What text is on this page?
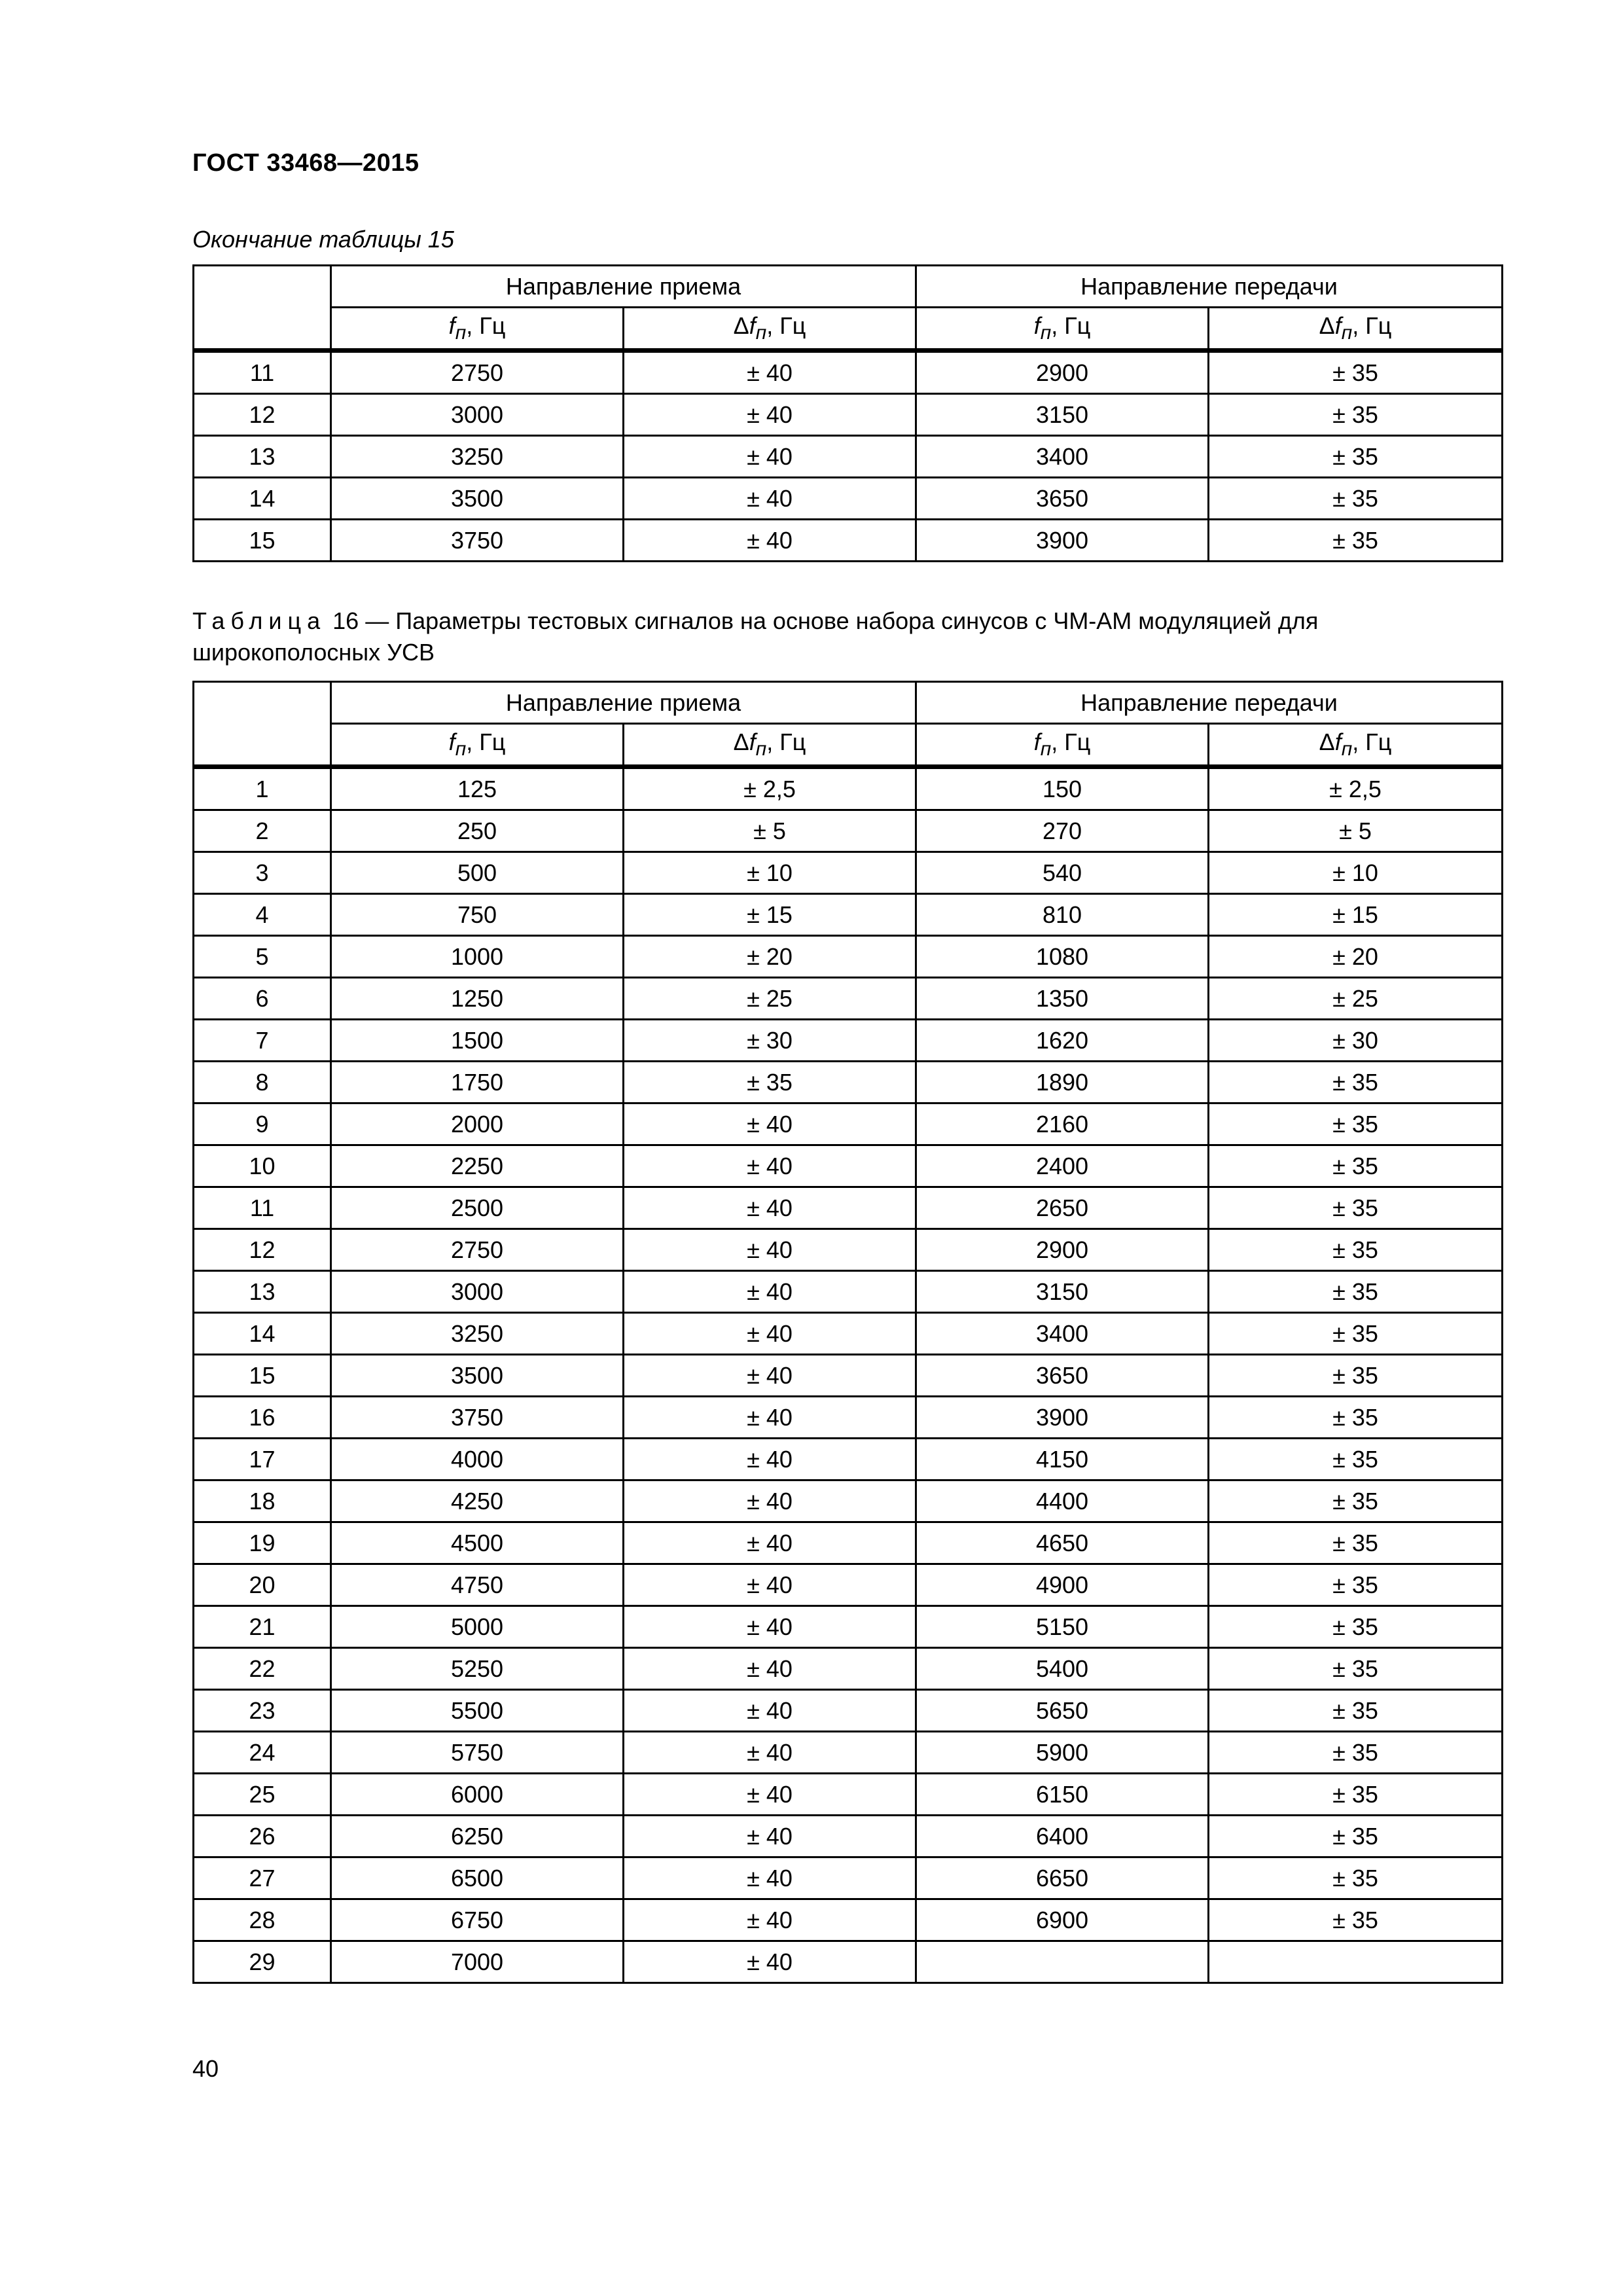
ГОСТ 33468—2015
Окончание таблицы 15
	Направление приема		Направление передачи	
	$f_п$, Гц	$\Delta f_п$, Гц	$f_п$, Гц	$\Delta f_п$, Гц
11	2750	± 40	2900	± 35
12	3000	± 40	3150	± 35
13	3250	± 40	3400	± 35
14	3500	± 40	3650	± 35
15	3750	± 40	3900	± 35
Таблица 16 — Параметры тестовых сигналов на основе набора синусов с ЧМ-АМ модуляцией для широкополосных УСВ
	Направление приема		Направление передачи	
	$f_п$, Гц	$\Delta f_п$, Гц	$f_п$, Гц	$\Delta f_п$, Гц
1	125	± 2,5	150	± 2,5
2	250	± 5	270	± 5
3	500	± 10	540	± 10
4	750	± 15	810	± 15
5	1000	± 20	1080	± 20
6	1250	± 25	1350	± 25
7	1500	± 30	1620	± 30
8	1750	± 35	1890	± 35
9	2000	± 40	2160	± 35
10	2250	± 40	2400	± 35
11	2500	± 40	2650	± 35
12	2750	± 40	2900	± 35
13	3000	± 40	3150	± 35
14	3250	± 40	3400	± 35
15	3500	± 40	3650	± 35
16	3750	± 40	3900	± 35
17	4000	± 40	4150	± 35
18	4250	± 40	4400	± 35
19	4500	± 40	4650	± 35
20	4750	± 40	4900	± 35
21	5000	± 40	5150	± 35
22	5250	± 40	5400	± 35
23	5500	± 40	5650	± 35
24	5750	± 40	5900	± 35
25	6000	± 40	6150	± 35
26	6250	± 40	6400	± 35
27	6500	± 40	6650	± 35
28	6750	± 40	6900	± 35
29	7000	± 40		
40
